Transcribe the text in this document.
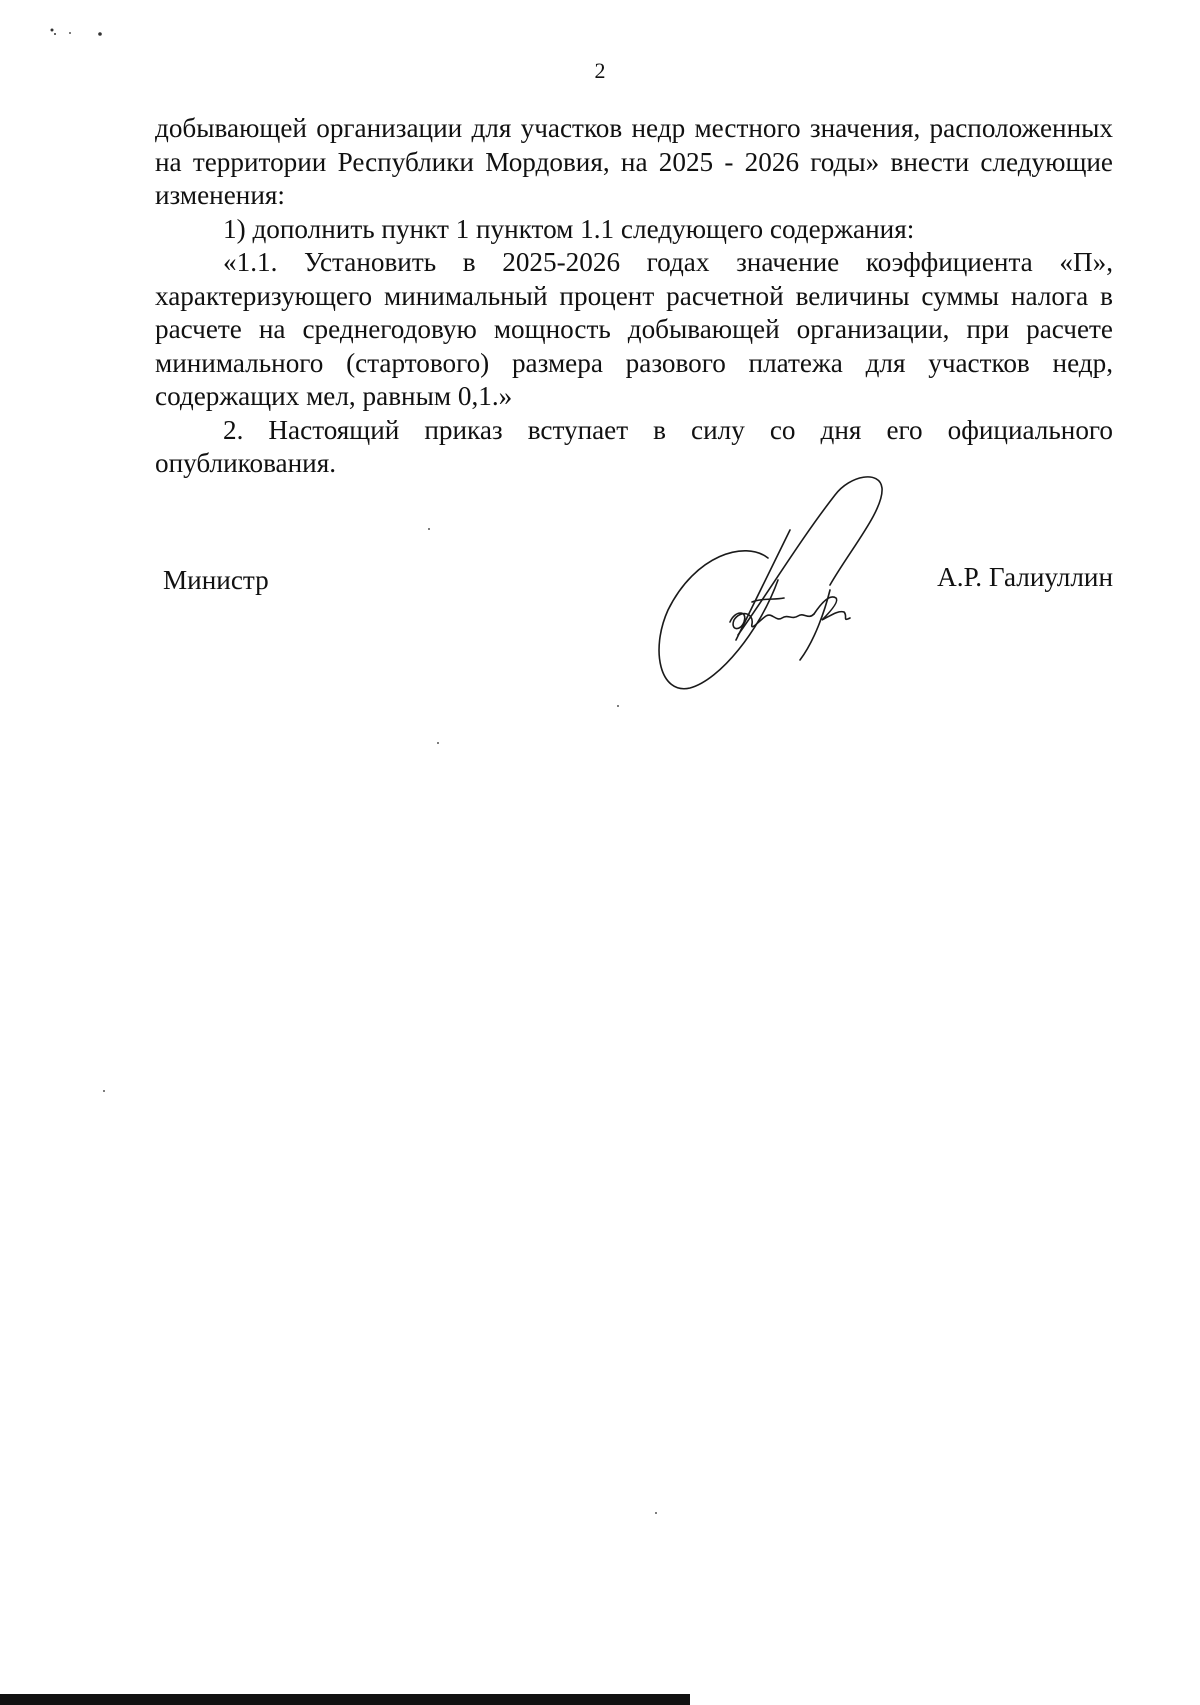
2

добывающей организации для участков недр местного значения, расположенных на территории Республики Мордовия, на 2025 - 2026 годы» внести следующие изменения:

1) дополнить пункт 1 пунктом 1.1 следующего содержания:

«1.1. Установить в 2025-2026 годах значение коэффициента «П», характеризующего минимальный процент расчетной величины суммы налога в расчете на среднегодовую мощность добывающей организации, при расчете минимального (стартового) размера разового платежа для участков недр, содержащих мел, равным 0,1.»

2. Настоящий приказ вступает в силу со дня его официального опубликования.

Министр	А.Р. Галиуллин
